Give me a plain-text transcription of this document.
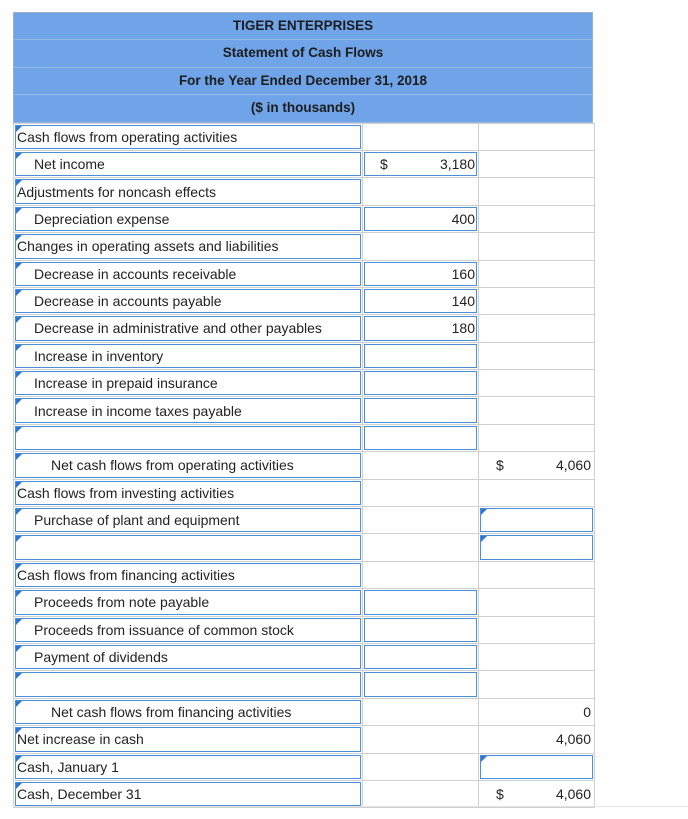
TIGER ENTERPRISES
Statement of Cash Flows
For the Year Ended December 31, 2018
($ in thousands)
Cash flows from operating activities		

Net income	$ 3,180	

Adjustments for noncash effects		

Depreciation expense	400	

Changes in operating assets and liabilities		

Decrease in accounts receivable	160	

Decrease in accounts payable	140	

Decrease in administrative and other payables	180	

Increase in inventory		

Increase in prepaid insurance		

Increase in income taxes payable		

Net cash flows from operating activities		$ 4,060

Cash flows from investing activities		

Purchase of plant and equipment		

Cash flows from financing activities		

Proceeds from note payable		

Proceeds from issuance of common stock		

Payment of dividends		

Net cash flows from financing activities		0

Net increase in cash		4,060

Cash, January 1		

Cash, December 31		$ 4,060
